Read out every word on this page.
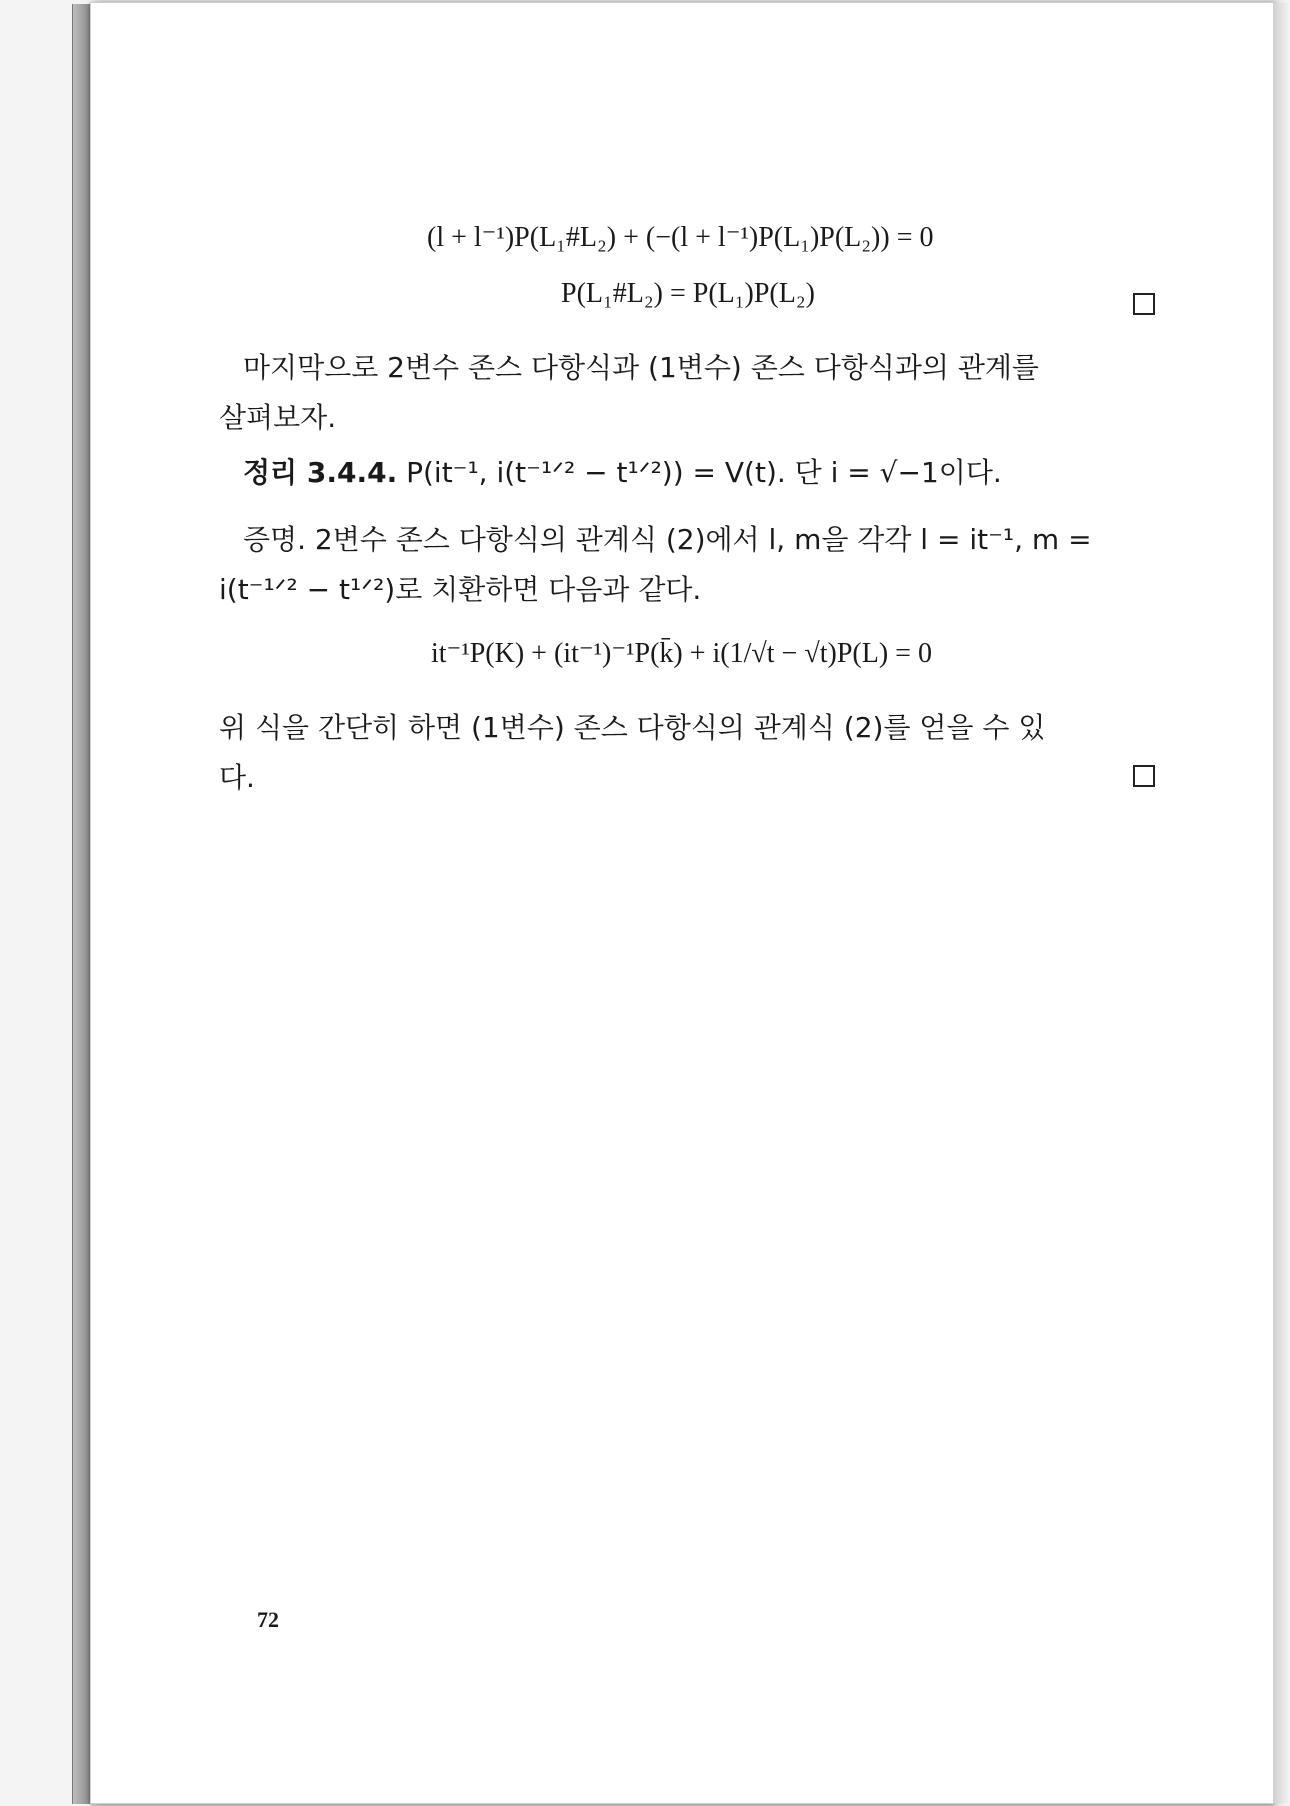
(l + l⁻¹)P(L₁#L₂) + (−(l + l⁻¹)P(L₁)P(L₂)) = 0
P(L₁#L₂) = P(L₁)P(L₂)
마지막으로 2변수 존스 다항식과 (1변수) 존스 다항식과의 관계를
살펴보자.
정리 3.4.4. P(it⁻¹, i(t⁻¹ᐟ² − t¹ᐟ²)) = V(t). 단 i = √−1이다.
증명. 2변수 존스 다항식의 관계식 (2)에서 l, m을 각각 l = it⁻¹, m =
i(t⁻¹ᐟ² − t¹ᐟ²)로 치환하면 다음과 같다.
it⁻¹P(K) + (it⁻¹)⁻¹P(k̄) + i(1/√t − √t)P(L) = 0
위 식을 간단히 하면 (1변수) 존스 다항식의 관계식 (2)를 얻을 수 있
다.
72
